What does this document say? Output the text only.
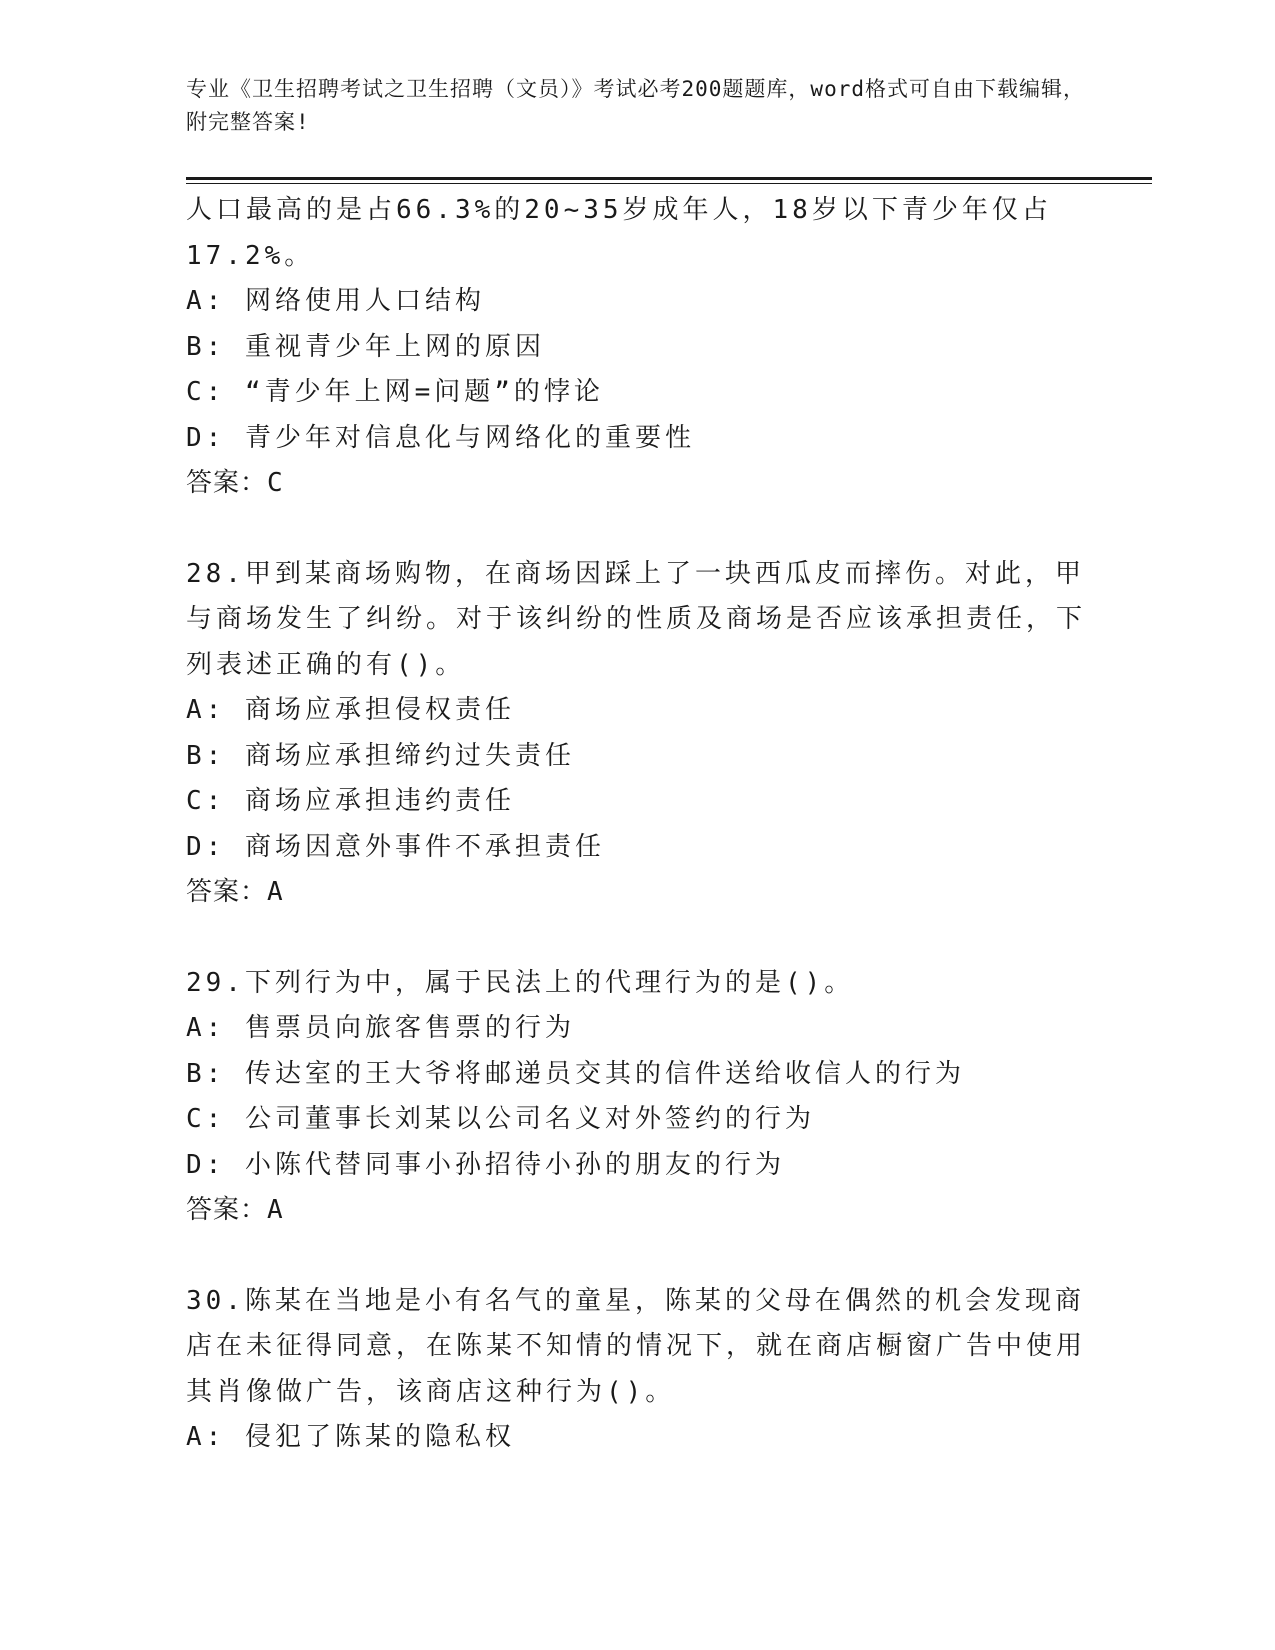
专业《卫生招聘考试之卫生招聘（文员）》考试必考200题题库，word格式可自由下载编辑，附完整答案!

人口最高的是占66.3%的20~35岁成年人，18岁以下青少年仅占17.2%。

A: 网络使用人口结构

B: 重视青少年上网的原因

C: “青少年上网=问题”的悖论

D: 青少年对信息化与网络化的重要性

答案：C

28.甲到某商场购物，在商场因踩上了一块西瓜皮而摔伤。对此，甲与商场发生了纠纷。对于该纠纷的性质及商场是否应该承担责任，下列表述正确的有()。

A: 商场应承担侵权责任

B: 商场应承担缔约过失责任

C: 商场应承担违约责任

D: 商场因意外事件不承担责任

答案：A

29.下列行为中，属于民法上的代理行为的是()。

A: 售票员向旅客售票的行为

B: 传达室的王大爷将邮递员交其的信件送给收信人的行为

C: 公司董事长刘某以公司名义对外签约的行为

D: 小陈代替同事小孙招待小孙的朋友的行为

答案：A

30.陈某在当地是小有名气的童星，陈某的父母在偶然的机会发现商店在未征得同意，在陈某不知情的情况下，就在商店橱窗广告中使用其肖像做广告，该商店这种行为()。

A: 侵犯了陈某的隐私权
